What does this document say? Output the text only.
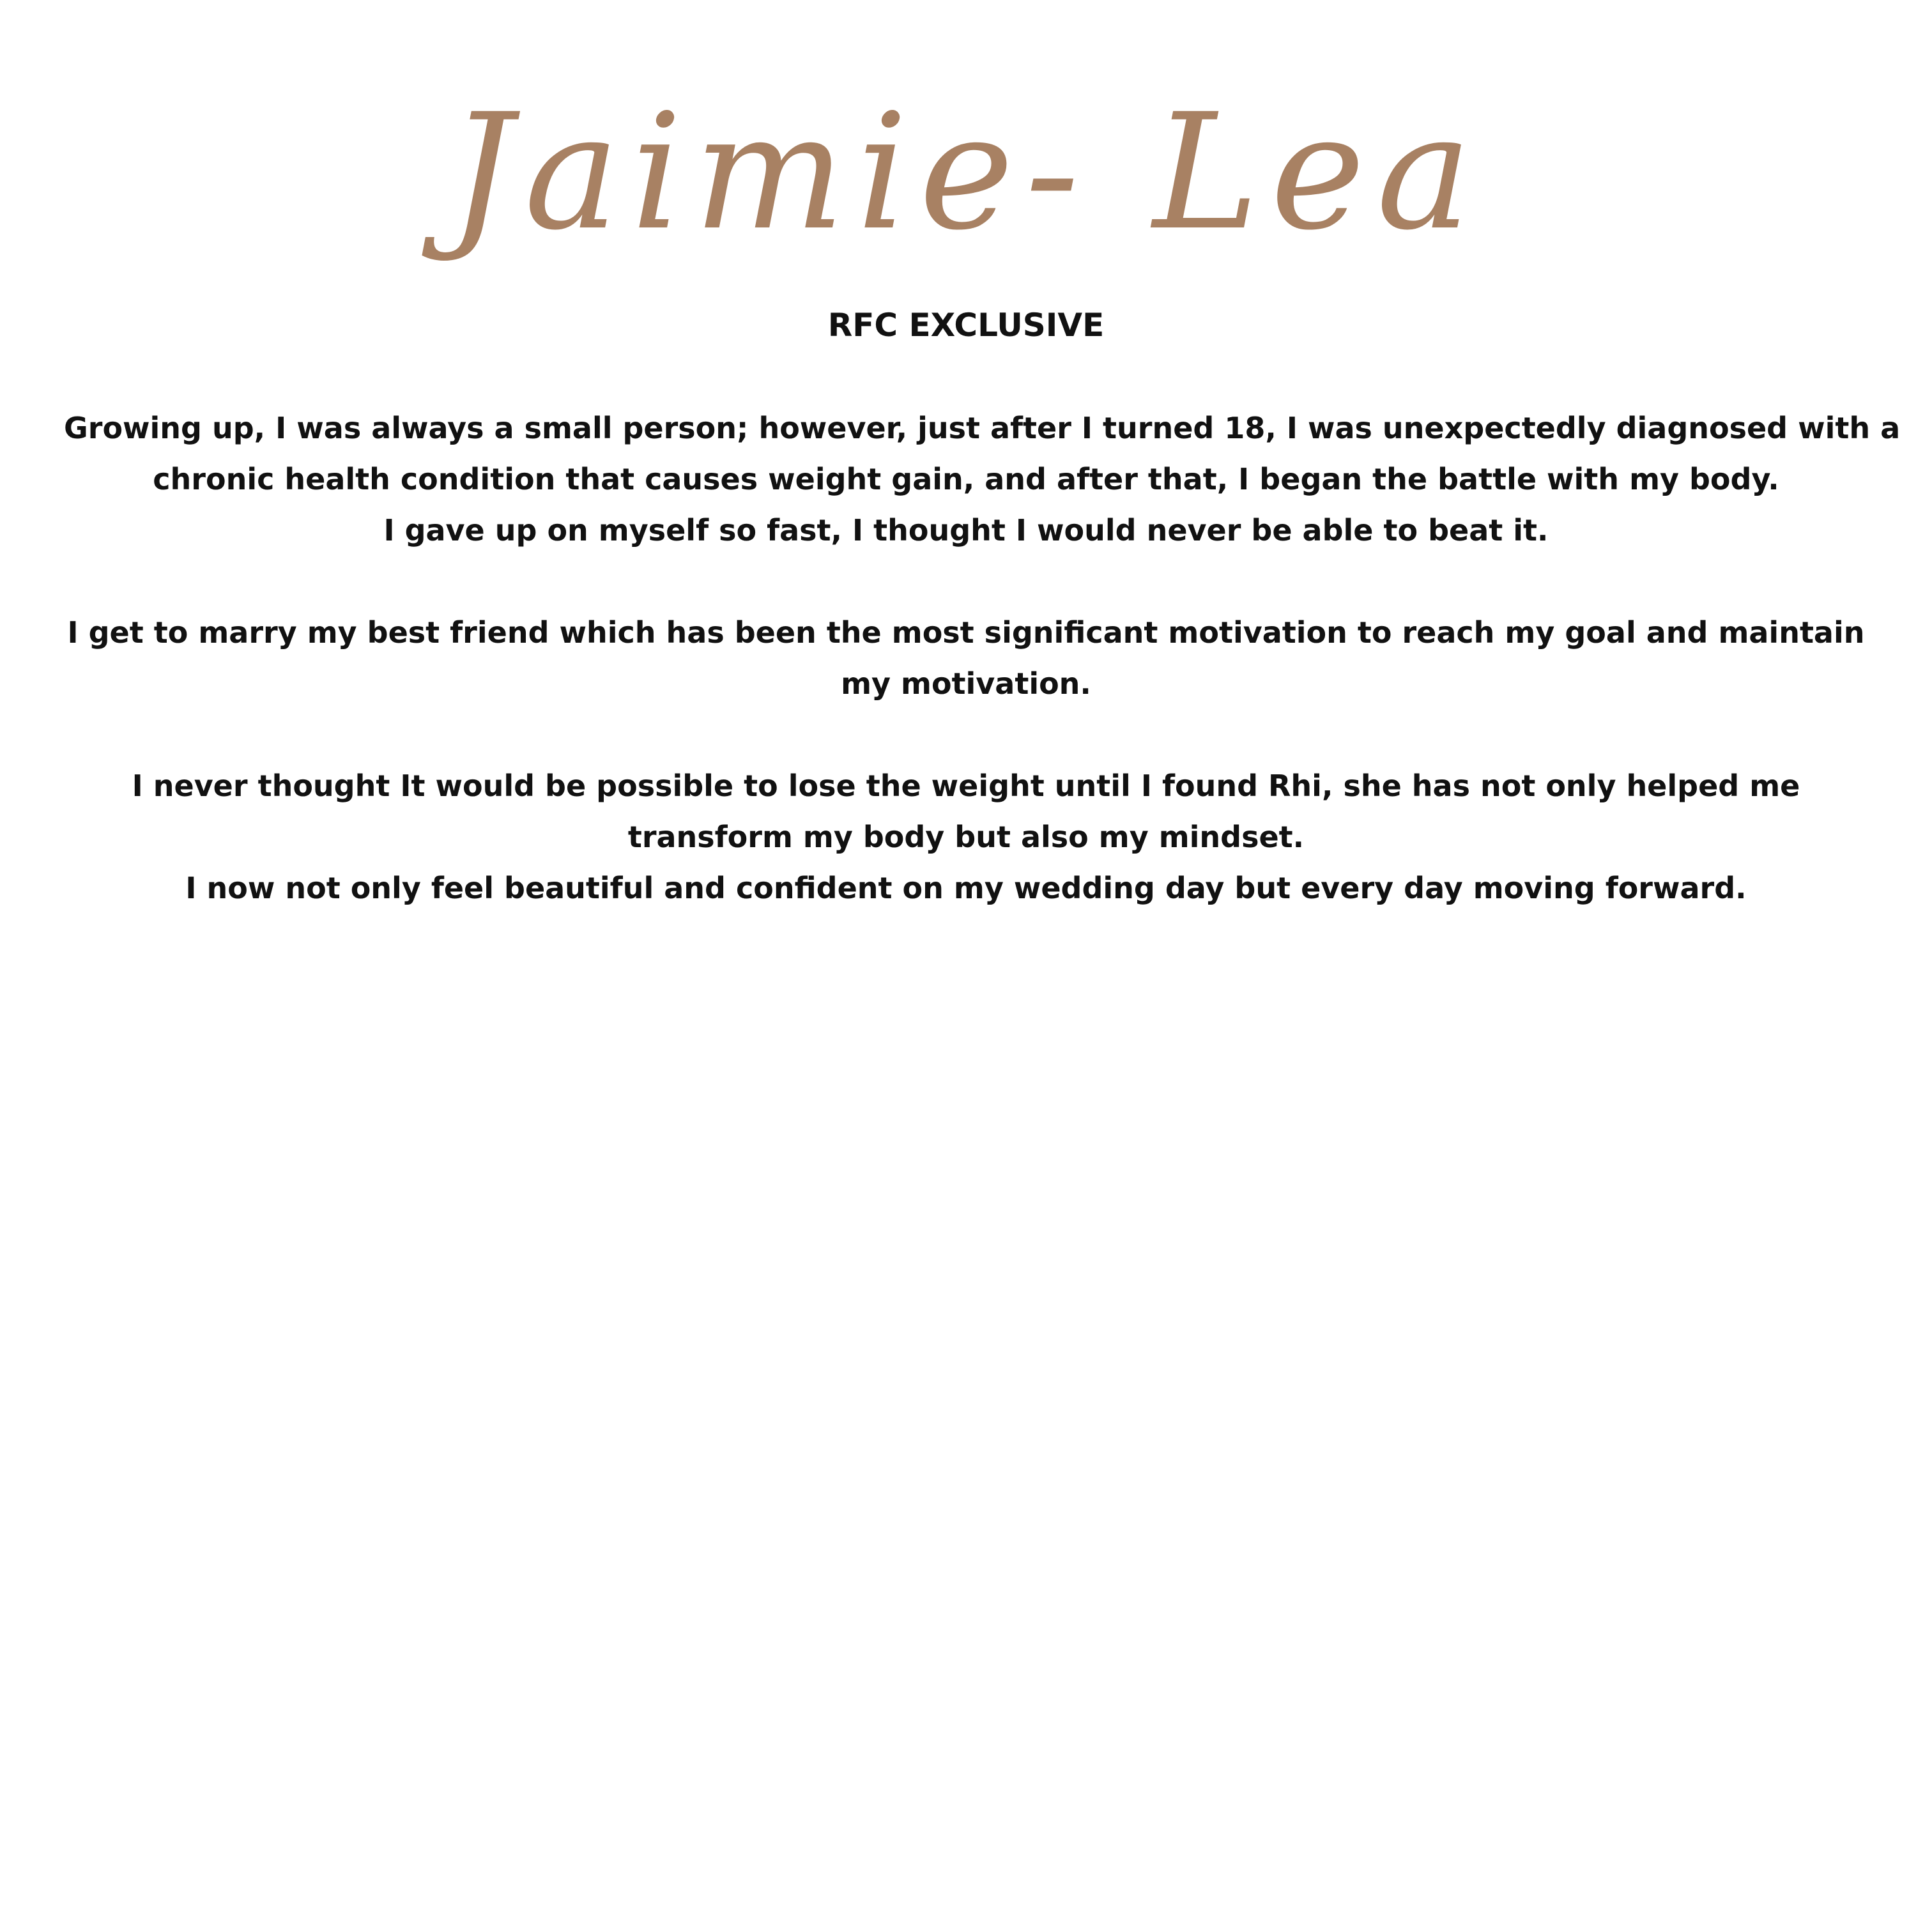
Jaimie- Lea
RFC EXCLUSIVE

Growing up, I was always a small person; however, just after I turned 18, I was unexpectedly diagnosed with a
chronic health condition that causes weight gain, and after that, I began the battle with my body.
I gave up on myself so fast, I thought I would never be able to beat it.

I get to marry my best friend which has been the most significant motivation to reach my goal and maintain
my motivation.

I never thought It would be possible to lose the weight until I found Rhi, she has not only helped me
transform my body but also my mindset.
I now not only feel beautiful and confident on my wedding day but every day moving forward.
